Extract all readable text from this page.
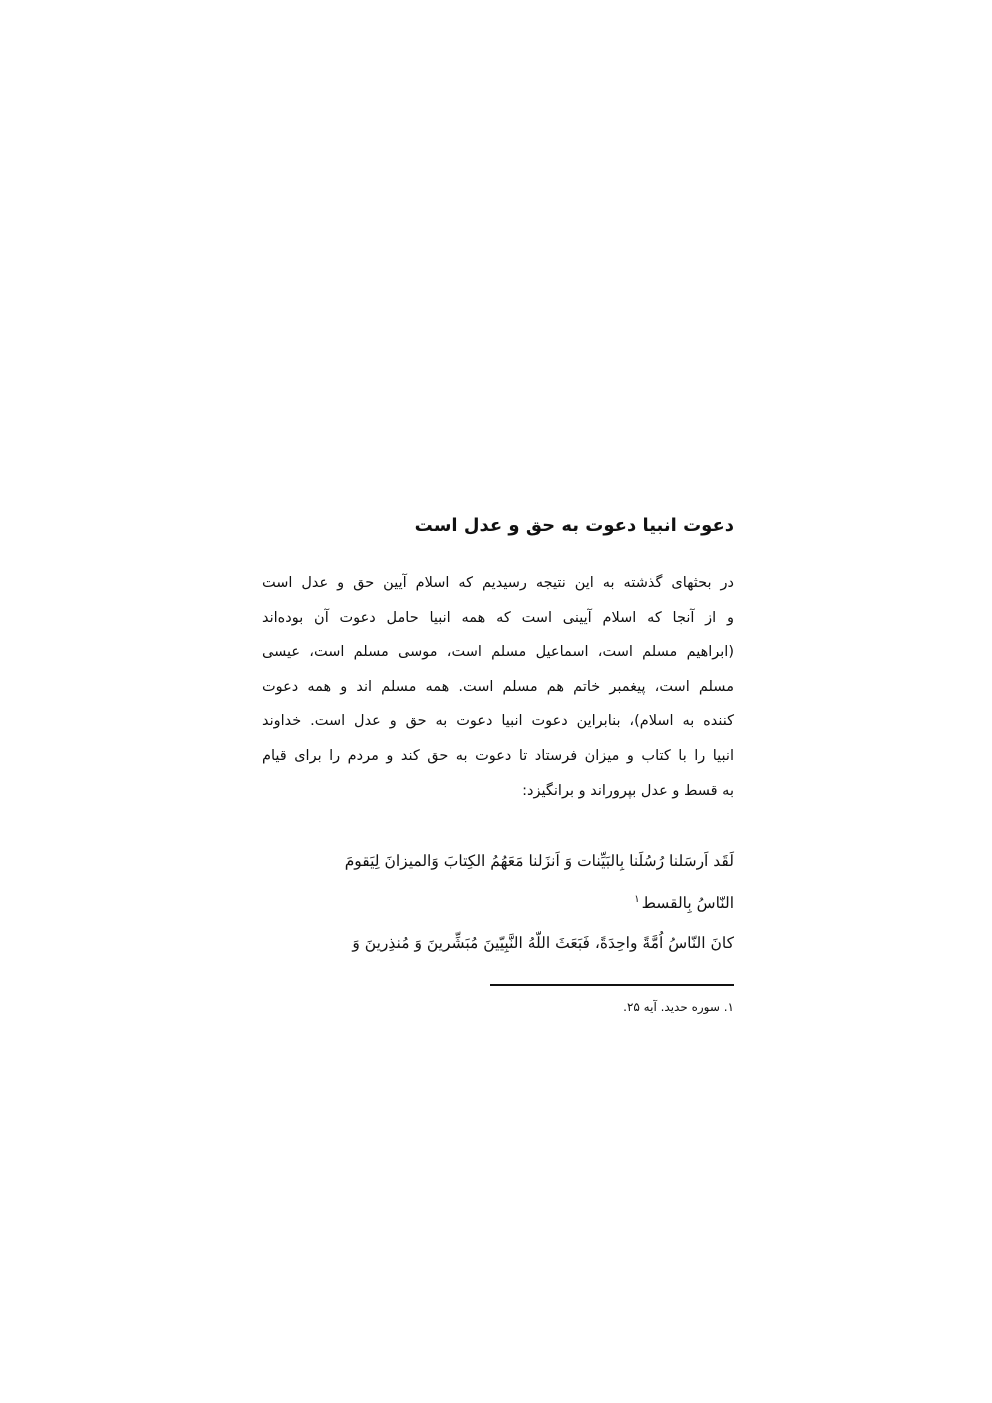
دعوت انبیا دعوت به حق و عدل است
در بحثهای گذشته به این نتیجه رسیدیم که اسلام آیین حق و عدل است
و از آنجا که اسلام آیینی است که همه انبیا حامل دعوت آن بوده‌اند
(ابراهیم مسلم است، اسماعیل مسلم است، موسی مسلم است، عیسی
مسلم است، پیغمبر خاتم هم مسلم است. همه مسلم اند و همه دعوت
کننده به اسلام)، بنابراین دعوت انبیا دعوت به حق و عدل است. خداوند
انبیا را با کتاب و میزان فرستاد تا دعوت به حق کند و مردم را برای قیام
به قسط و عدل بپروراند و برانگیزد:
لَقَد اَرسَلنا رُسُلَنا بِالبَیِّنات وَ اَنزَلنا مَعَهُمُ الکِتابَ وَالمیزانَ لِیَقومَ
النّاسُ بِالقسط$^۱$
کانَ النّاسُ اُمَّةً واحِدَةً، فَبَعَثَ اللّهُ النَّبِیّینَ مُبَشِّرینَ وَ مُنذِرینَ وَ
۱. سوره حدید. آیه ۲۵.
